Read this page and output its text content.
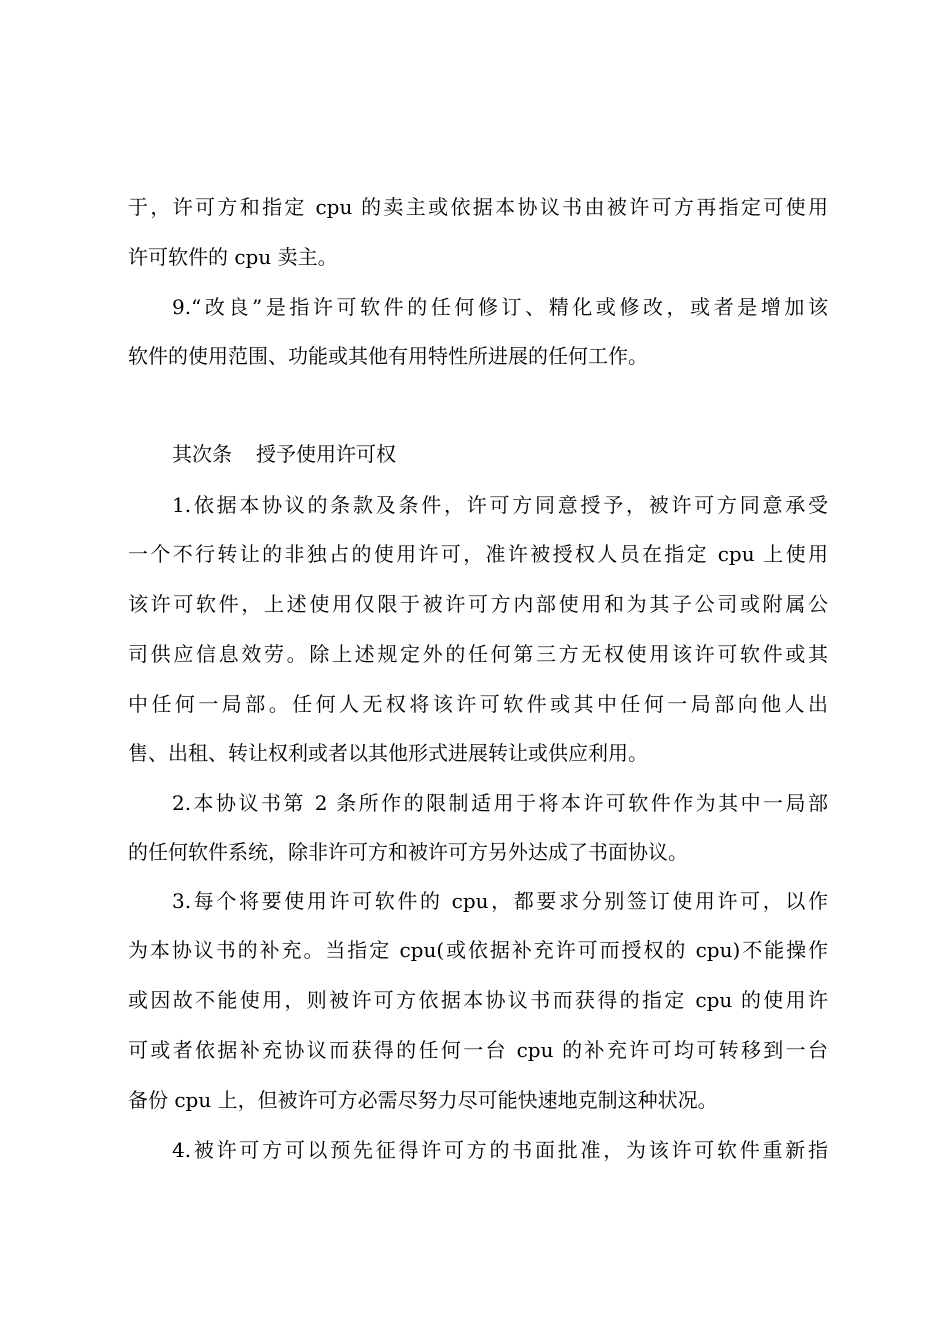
于，许可方和指定 cpu 的卖主或依据本协议书由被许可方再指定可使用
许可软件的 cpu 卖主。
9.“改良”是指许可软件的任何修订、精化或修改，或者是增加该
软件的使用范围、功能或其他有用特性所进展的任何工作。
其次条 授予使用许可权
1.依据本协议的条款及条件，许可方同意授予，被许可方同意承受
一个不行转让的非独占的使用许可，准许被授权人员在指定 cpu 上使用
该许可软件，上述使用仅限于被许可方内部使用和为其子公司或附属公
司供应信息效劳。除上述规定外的任何第三方无权使用该许可软件或其
中任何一局部。任何人无权将该许可软件或其中任何一局部向他人出
售、出租、转让权利或者以其他形式进展转让或供应利用。
2.本协议书第 2 条所作的限制适用于将本许可软件作为其中一局部
的任何软件系统，除非许可方和被许可方另外达成了书面协议。
3.每个将要使用许可软件的 cpu，都要求分别签订使用许可，以作
为本协议书的补充。当指定 cpu(或依据补充许可而授权的 cpu)不能操作
或因故不能使用，则被许可方依据本协议书而获得的指定 cpu 的使用许
可或者依据补充协议而获得的任何一台 cpu 的补充许可均可转移到一台
备份 cpu 上，但被许可方必需尽努力尽可能快速地克制这种状况。
4.被许可方可以预先征得许可方的书面批准，为该许可软件重新指
